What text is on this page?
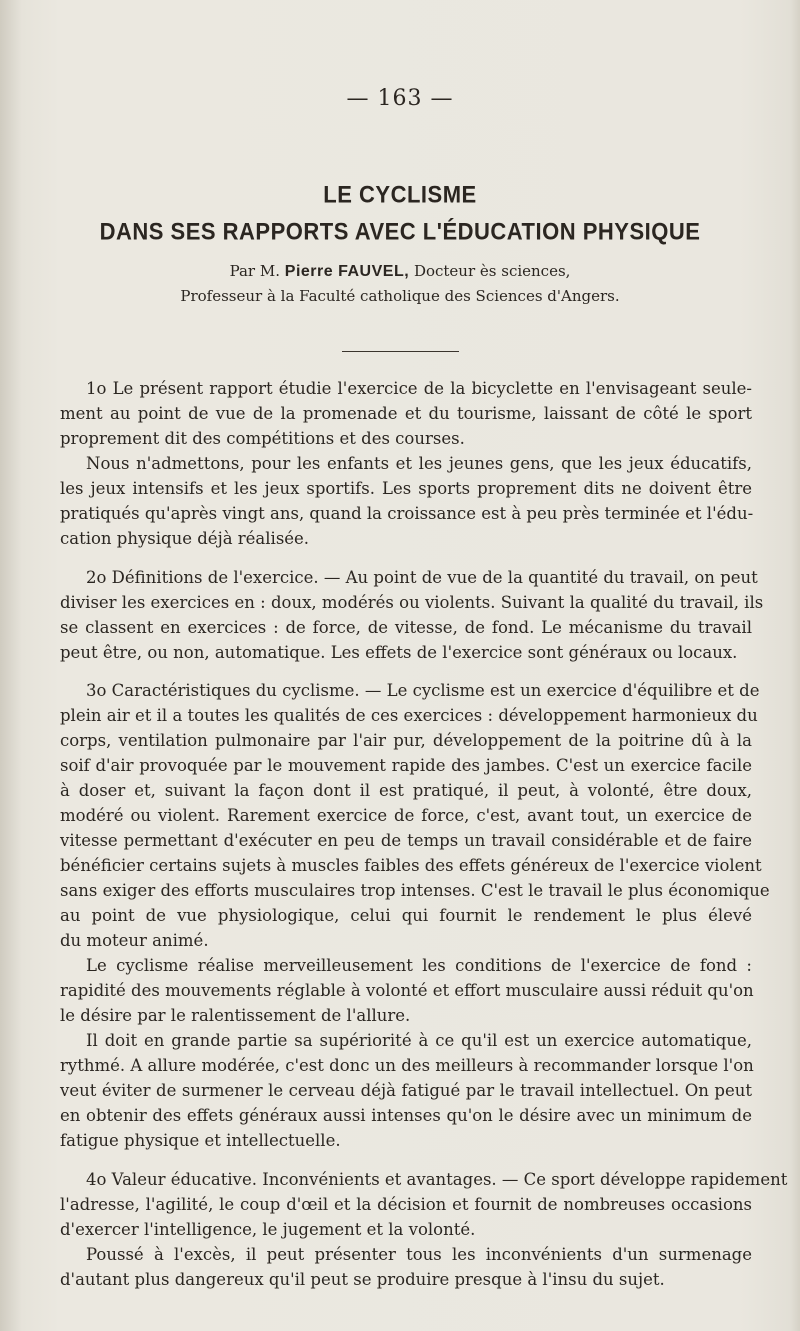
— 163 —
LE CYCLISME
DANS SES RAPPORTS AVEC L'ÉDUCATION PHYSIQUE
Par M. Pierre FAUVEL, Docteur ès sciences,
Professeur à la Faculté catholique des Sciences d'Angers.
1o Le présent rapport étudie l'exercice de la bicyclette en l'envisageant seule-
ment au point de vue de la promenade et du tourisme, laissant de côté le sport
proprement dit des compétitions et des courses.
Nous n'admettons, pour les enfants et les jeunes gens, que les jeux éducatifs,
les jeux intensifs et les jeux sportifs. Les sports proprement dits ne doivent être
pratiqués qu'après vingt ans, quand la croissance est à peu près terminée et l'édu-
cation physique déjà réalisée.
2o Définitions de l'exercice. — Au point de vue de la quantité du travail, on peut
diviser les exercices en : doux, modérés ou violents. Suivant la qualité du travail, ils
se classent en exercices : de force, de vitesse, de fond. Le mécanisme du travail
peut être, ou non, automatique. Les effets de l'exercice sont généraux ou locaux.
3o Caractéristiques du cyclisme. — Le cyclisme est un exercice d'équilibre et de
plein air et il a toutes les qualités de ces exercices : développement harmonieux du
corps, ventilation pulmonaire par l'air pur, développement de la poitrine dû à la
soif d'air provoquée par le mouvement rapide des jambes. C'est un exercice facile
à doser et, suivant la façon dont il est pratiqué, il peut, à volonté, être doux,
modéré ou violent. Rarement exercice de force, c'est, avant tout, un exercice de
vitesse permettant d'exécuter en peu de temps un travail considérable et de faire
bénéficier certains sujets à muscles faibles des effets généreux de l'exercice violent
sans exiger des efforts musculaires trop intenses. C'est le travail le plus économique
au point de vue physiologique, celui qui fournit le rendement le plus élevé
du moteur animé.
Le cyclisme réalise merveilleusement les conditions de l'exercice de fond :
rapidité des mouvements réglable à volonté et effort musculaire aussi réduit qu'on
le désire par le ralentissement de l'allure.
Il doit en grande partie sa supériorité à ce qu'il est un exercice automatique,
rythmé. A allure modérée, c'est donc un des meilleurs à recommander lorsque l'on
veut éviter de surmener le cerveau déjà fatigué par le travail intellectuel. On peut
en obtenir des effets généraux aussi intenses qu'on le désire avec un minimum de
fatigue physique et intellectuelle.
4o Valeur éducative. Inconvénients et avantages. — Ce sport développe rapidement
l'adresse, l'agilité, le coup d'œil et la décision et fournit de nombreuses occasions
d'exercer l'intelligence, le jugement et la volonté.
Poussé à l'excès, il peut présenter tous les inconvénients d'un surmenage
d'autant plus dangereux qu'il peut se produire presque à l'insu du sujet.
